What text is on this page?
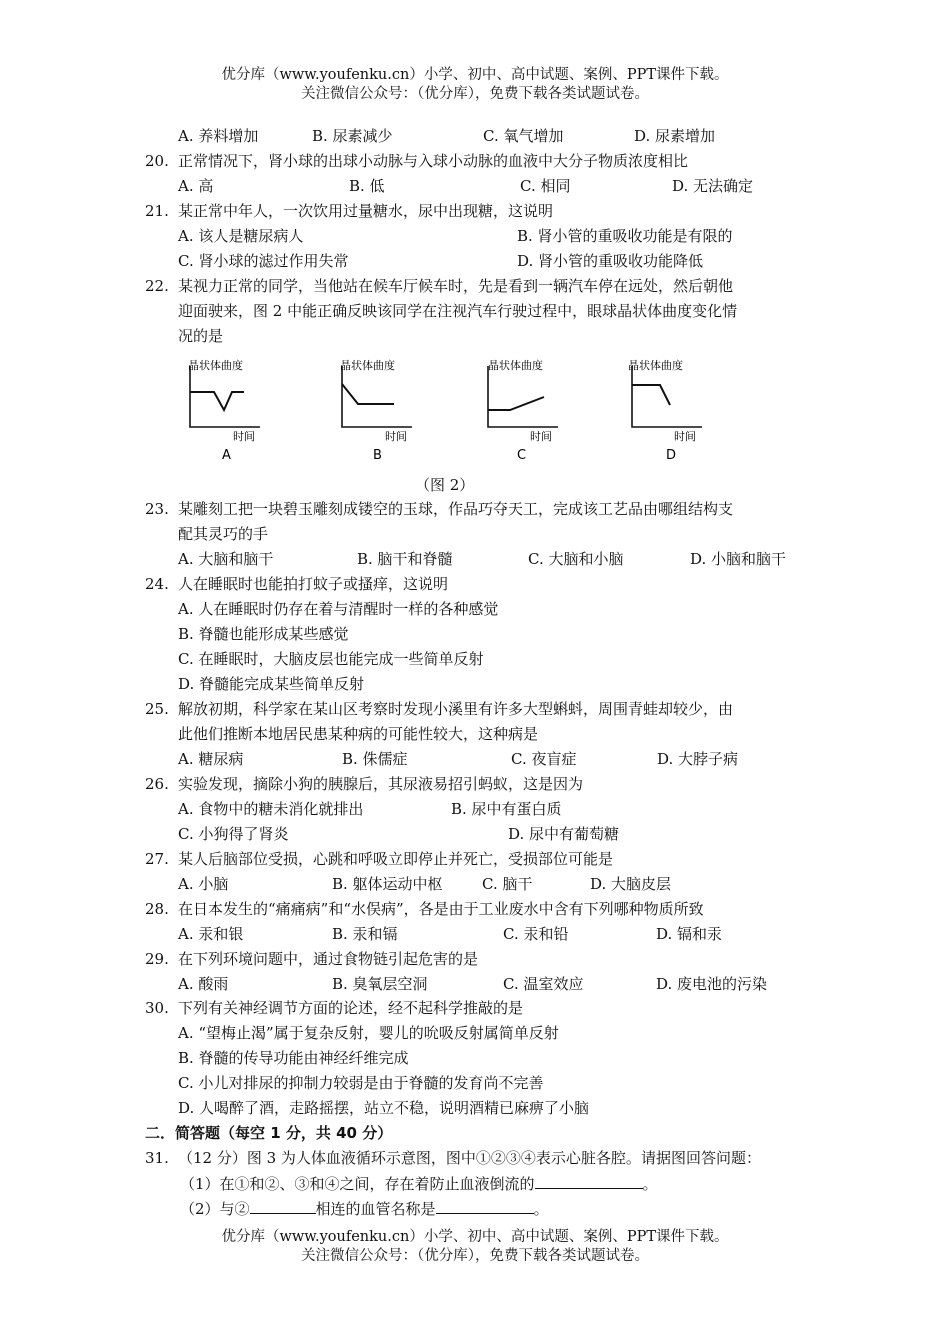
优分库（www.youfenku.cn）小学、初中、高中试题、案例、PPT课件下载。
关注微信公众号：（优分库），免费下载各类试题试卷。
A. 养料增加	B. 尿素减少	C. 氧气增加	D. 尿素增加
20. 正常情况下，肾小球的出球小动脉与入球小动脉的血液中大分子物质浓度相比
A. 高	B. 低	C. 相同	D. 无法确定
21. 某正常中年人，一次饮用过量糖水，尿中出现糖，这说明
A. 该人是糖尿病人	B. 肾小管的重吸收功能是有限的
C. 肾小球的滤过作用失常	D. 肾小管的重吸收功能降低
22. 某视力正常的同学，当他站在候车厅候车时，先是看到一辆汽车停在远处，然后朝他
迎面驶来，图 2 中能正确反映该同学在注视汽车行驶过程中，眼球晶状体曲度变化情
况的是
晶状体曲度
时间
A
晶状体曲度
时间
B
晶状体曲度
时间
C
晶状体曲度
时间
D
（图 2）
23. 某雕刻工把一块碧玉雕刻成镂空的玉球，作品巧夺天工，完成该工艺品由哪组结构支
配其灵巧的手
A. 大脑和脑干	B. 脑干和脊髓	C. 大脑和小脑	D. 小脑和脑干
24. 人在睡眠时也能拍打蚊子或搔痒，这说明
A. 人在睡眠时仍存在着与清醒时一样的各种感觉
B. 脊髓也能形成某些感觉
C. 在睡眠时，大脑皮层也能完成一些简单反射
D. 脊髓能完成某些简单反射
25. 解放初期，科学家在某山区考察时发现小溪里有许多大型蝌蚪，周围青蛙却较少，由
此他们推断本地居民患某种病的可能性较大，这种病是
A. 糖尿病	B. 侏儒症	C. 夜盲症	D. 大脖子病
26. 实验发现，摘除小狗的胰腺后，其尿液易招引蚂蚁，这是因为
A. 食物中的糖未消化就排出	B. 尿中有蛋白质
C. 小狗得了肾炎	D. 尿中有葡萄糖
27. 某人后脑部位受损，心跳和呼吸立即停止并死亡，受损部位可能是
A. 小脑	B. 躯体运动中枢	C. 脑干	D. 大脑皮层
28. 在日本发生的“痛痛病”和“水俣病”，各是由于工业废水中含有下列哪种物质所致
A. 汞和银	B. 汞和镉	C. 汞和铅	D. 镉和汞
29. 在下列环境问题中，通过食物链引起危害的是
A. 酸雨	B. 臭氧层空洞	C. 温室效应	D. 废电池的污染
30. 下列有关神经调节方面的论述，经不起科学推敲的是
A. “望梅止渴”属于复杂反射，婴儿的吮吸反射属简单反射
B. 脊髓的传导功能由神经纤维完成
C. 小儿对排尿的抑制力较弱是由于脊髓的发育尚不完善
D. 人喝醉了酒，走路摇摆，站立不稳，说明酒精已麻痹了小脑
二．简答题（每空 1 分，共 40 分）
31. （12 分）图 3 为人体血液循环示意图，图中①②③④表示心脏各腔。请据图回答问题：
（1）在①和②、③和④之间，存在着防止血液倒流的	。
（2）与②	相连的血管名称是	。
优分库（www.youfenku.cn）小学、初中、高中试题、案例、PPT课件下载。
关注微信公众号：（优分库），免费下载各类试题试卷。
